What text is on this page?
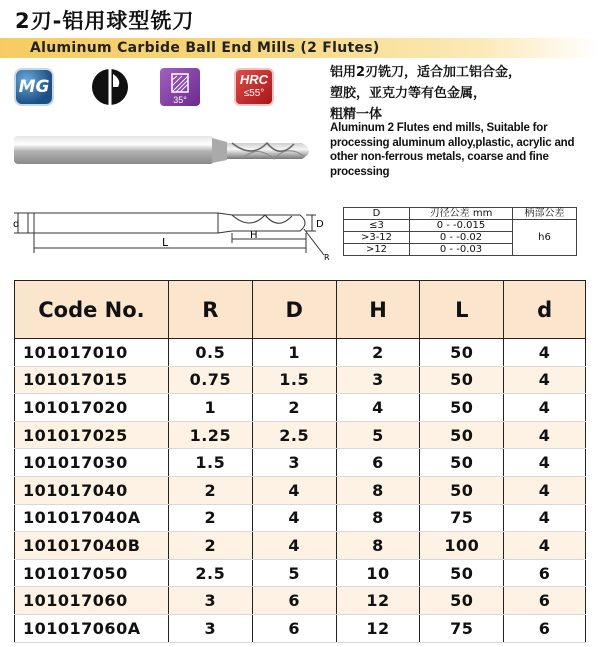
2刃-铝用球型铣刀
Aluminum Carbide Ball End Mills (2 Flutes)
MG
35°
HRC
≤55°
铝用2刃铣刀，适合加工铝合金，
塑胶，亚克力等有色金属，
粗精一体
Aluminum 2 Flutes end mills, Suitable for processing aluminum alloy,plastic, acrylic and other non-ferrous metals, coarse and fine processing
d
L
H
D
R
D	刃径公差 mm	柄部公差
≤3	0 - -0.015	h6
>3-12	0 - -0.02	
>12	0 - -0.03	
Code No.	R	D	H	L	d
101017010	0.5	1	2	50	4
101017015	0.75	1.5	3	50	4
101017020	1	2	4	50	4
101017025	1.25	2.5	5	50	4
101017030	1.5	3	6	50	4
101017040	2	4	8	50	4
101017040A	2	4	8	75	4
101017040B	2	4	8	100	4
101017050	2.5	5	10	50	6
101017060	3	6	12	50	6
101017060A	3	6	12	75	6
